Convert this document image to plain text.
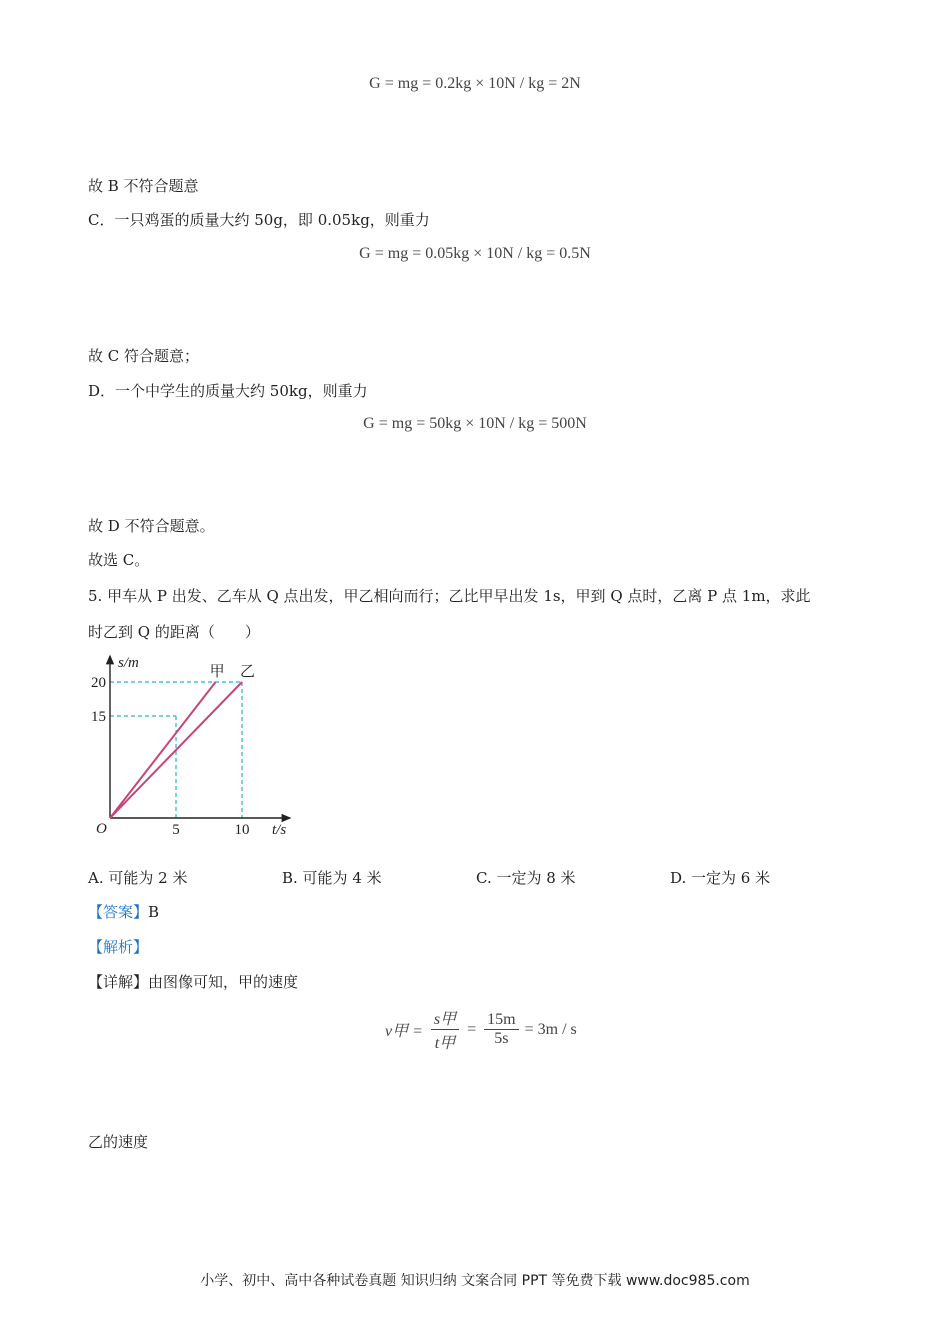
G = mg = 0.2kg × 10N / kg = 2N
故 B 不符合题意
C．一只鸡蛋的质量大约 50g，即 0.05kg，则重力
G = mg = 0.05kg × 10N / kg = 0.5N
故 C 符合题意；
D．一个中学生的质量大约 50kg，则重力
G = mg = 50kg × 10N / kg = 500N
故 D 不符合题意。
故选 C。
5. 甲车从 P 出发、乙车从 Q 点出发，甲乙相向而行；乙比甲早出发 1s，甲到 Q 点时，乙离 P 点 1m，求此
时乙到 Q 的距离（　　）
5	10
15
20
s/m
t/s
O
甲 乙
A. 可能为 2 米	B. 可能为 4 米	C. 一定为 8 米	D. 一定为 6 米
【答案】B
【解析】
【详解】由图像可知，甲的速度
v甲 =
s甲
t甲
= $\frac{15m}{5s} = 3m / s$
乙的速度
小学、初中、高中各种试卷真题 知识归纳 文案合同 PPT 等免费下载 www.doc985.com
